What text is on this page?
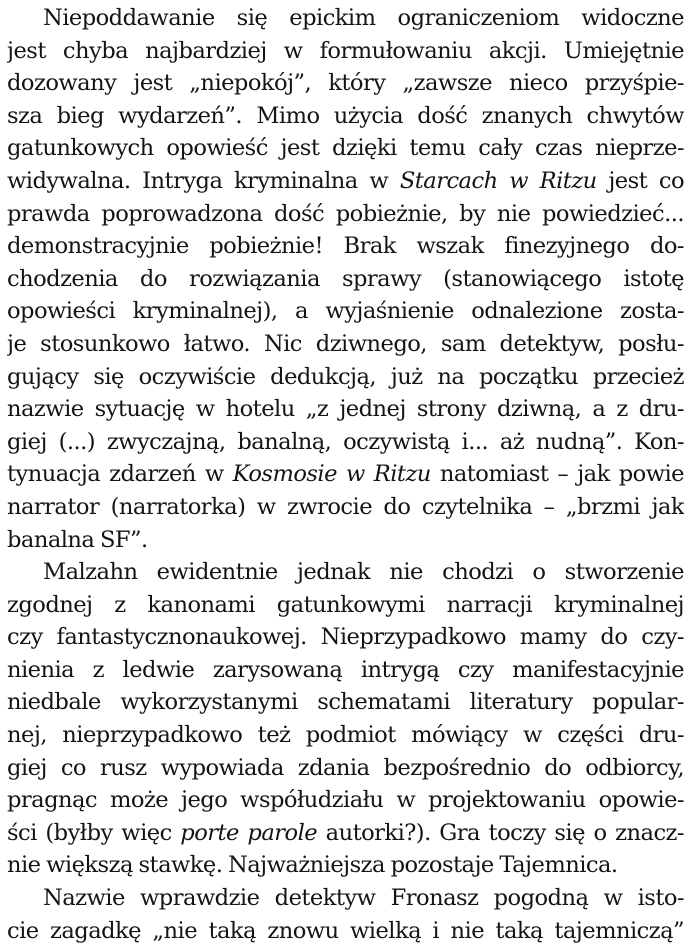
Niepoddawanie się epickim ograniczeniom widoczne
jest chyba najbardziej w formułowaniu akcji. Umiejętnie
dozowany jest „niepokój”, który „zawsze nieco przyśpie-
sza bieg wydarzeń”. Mimo użycia dość znanych chwytów
gatunkowych opowieść jest dzięki temu cały czas nieprze-
widywalna. Intryga kryminalna w Starcach w Ritzu jest co
prawda poprowadzona dość pobieżnie, by nie powiedzieć...
demonstracyjnie pobieżnie! Brak wszak finezyjnego do-
chodzenia do rozwiązania sprawy (stanowiącego istotę
opowieści kryminalnej), a wyjaśnienie odnalezione zosta-
je stosunkowo łatwo. Nic dziwnego, sam detektyw, posłu-
gujący się oczywiście dedukcją, już na początku przecież
nazwie sytuację w hotelu „z jednej strony dziwną, a z dru-
giej (...) zwyczajną, banalną, oczywistą i... aż nudną”. Kon-
tynuacja zdarzeń w Kosmosie w Ritzu natomiast – jak powie
narrator (narratorka) w zwrocie do czytelnika – „brzmi jak
banalna SF”.
Malzahn ewidentnie jednak nie chodzi o stworzenie
zgodnej z kanonami gatunkowymi narracji kryminalnej
czy fantastycznonaukowej. Nieprzypadkowo mamy do czy-
nienia z ledwie zarysowaną intrygą czy manifestacyjnie
niedbale wykorzystanymi schematami literatury popular-
nej, nieprzypadkowo też podmiot mówiący w części dru-
giej co rusz wypowiada zdania bezpośrednio do odbiorcy,
pragnąc może jego współudziału w projektowaniu opowie-
ści (byłby więc porte parole autorki?). Gra toczy się o znacz-
nie większą stawkę. Najważniejsza pozostaje Tajemnica.
Nazwie wprawdzie detektyw Fronasz pogodną w isto-
cie zagadkę „nie taką znowu wielką i nie taką tajemniczą”
